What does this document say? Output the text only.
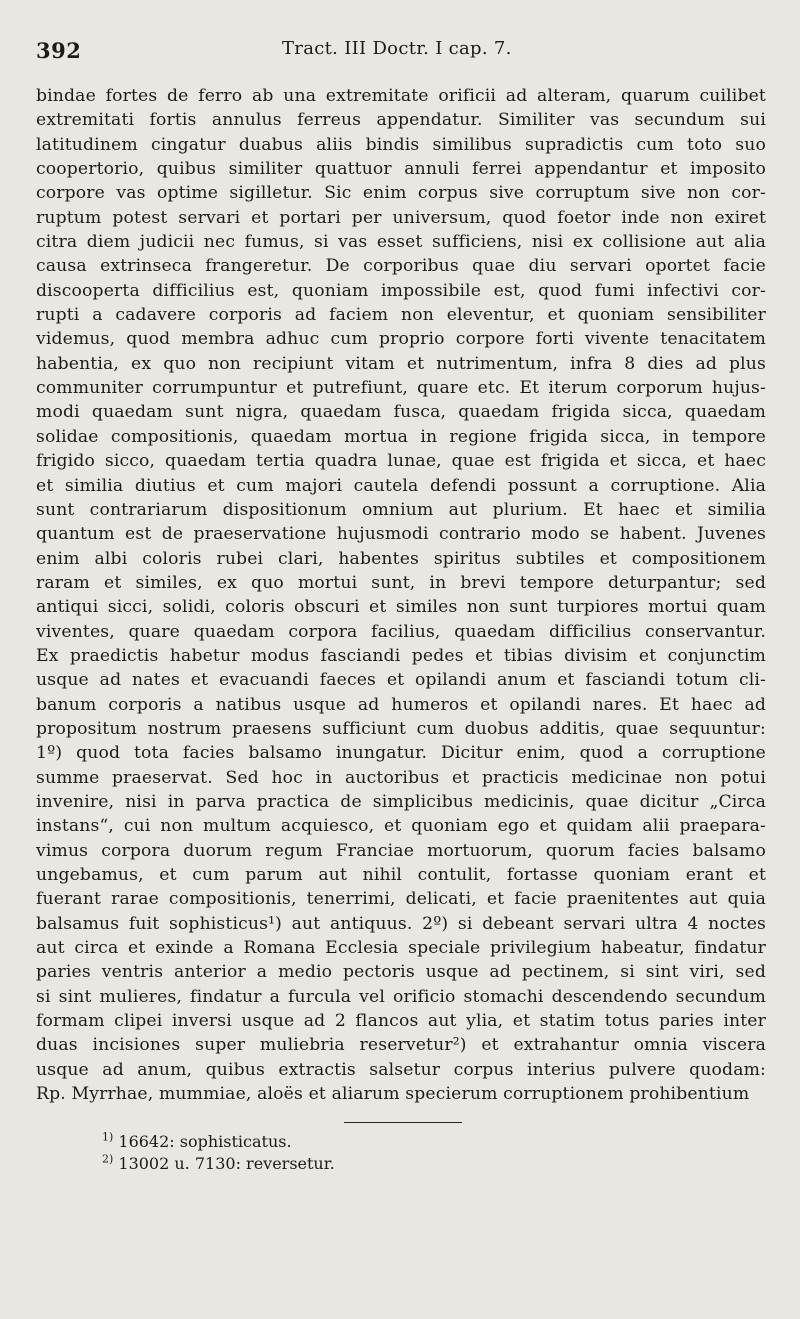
392	Tract. III Doctr. I cap. 7.
bindae fortes de ferro ab una extremitate orificii ad alteram, quarum cuilibet
extremitati fortis annulus ferreus appendatur. Similiter vas secundum sui
latitudinem cingatur duabus aliis bindis similibus supradictis cum toto suo
coopertorio, quibus similiter quattuor annuli ferrei appendantur et imposito
corpore vas optime sigilletur. Sic enim corpus sive corruptum sive non cor-
ruptum potest servari et portari per universum, quod foetor inde non exiret
citra diem judicii nec fumus, si vas esset sufficiens, nisi ex collisione aut alia
causa extrinseca frangeretur. De corporibus quae diu servari oportet facie
discooperta difficilius est, quoniam impossibile est, quod fumi infectivi cor-
rupti a cadavere corporis ad faciem non eleventur, et quoniam sensibiliter
videmus, quod membra adhuc cum proprio corpore forti vivente tenacitatem
habentia, ex quo non recipiunt vitam et nutrimentum, infra 8 dies ad plus
communiter corrumpuntur et putrefiunt, quare etc. Et iterum corporum hujus-
modi quaedam sunt nigra, quaedam fusca, quaedam frigida sicca, quaedam
solidae compositionis, quaedam mortua in regione frigida sicca, in tempore
frigido sicco, quaedam tertia quadra lunae, quae est frigida et sicca, et haec
et similia diutius et cum majori cautela defendi possunt a corruptione. Alia
sunt contrariarum dispositionum omnium aut plurium. Et haec et similia
quantum est de praeservatione hujusmodi contrario modo se habent. Juvenes
enim albi coloris rubei clari, habentes spiritus subtiles et compositionem
raram et similes, ex quo mortui sunt, in brevi tempore deturpantur; sed
antiqui sicci, solidi, coloris obscuri et similes non sunt turpiores mortui quam
viventes, quare quaedam corpora facilius, quaedam difficilius conservantur.
Ex praedictis habetur modus fasciandi pedes et tibias divisim et conjunctim
usque ad nates et evacuandi faeces et opilandi anum et fasciandi totum cli-
banum corporis a natibus usque ad humeros et opilandi nares. Et haec ad
propositum nostrum praesens sufficiunt cum duobus additis, quae sequuntur:
1º) quod tota facies balsamo inungatur. Dicitur enim, quod a corruptione
summe praeservat. Sed hoc in auctoribus et practicis medicinae non potui
invenire, nisi in parva practica de simplicibus medicinis, quae dicitur „Circa
instans“, cui non multum acquiesco, et quoniam ego et quidam alii praepara-
vimus corpora duorum regum Franciae mortuorum, quorum facies balsamo
ungebamus, et cum parum aut nihil contulit, fortasse quoniam erant et
fuerant rarae compositionis, tenerrimi, delicati, et facie praenitentes aut quia
balsamus fuit sophisticus¹) aut antiquus. 2º) si debeant servari ultra 4 noctes
aut circa et exinde a Romana Ecclesia speciale privilegium habeatur, findatur
paries ventris anterior a medio pectoris usque ad pectinem, si sint viri, sed
si sint mulieres, findatur a furcula vel orificio stomachi descendendo secundum
formam clipei inversi usque ad 2 flancos aut ylia, et statim totus paries inter
duas incisiones super muliebria reservetur²) et extrahantur omnia viscera
usque ad anum, quibus extractis salsetur corpus interius pulvere quodam:
Rp. Myrrhae, mummiae, aloës et aliarum specierum corruptionem prohibentium
$^{1)}$ 16642: sophisticatus.
$^{2)}$ 13002 u. 7130: reversetur.
